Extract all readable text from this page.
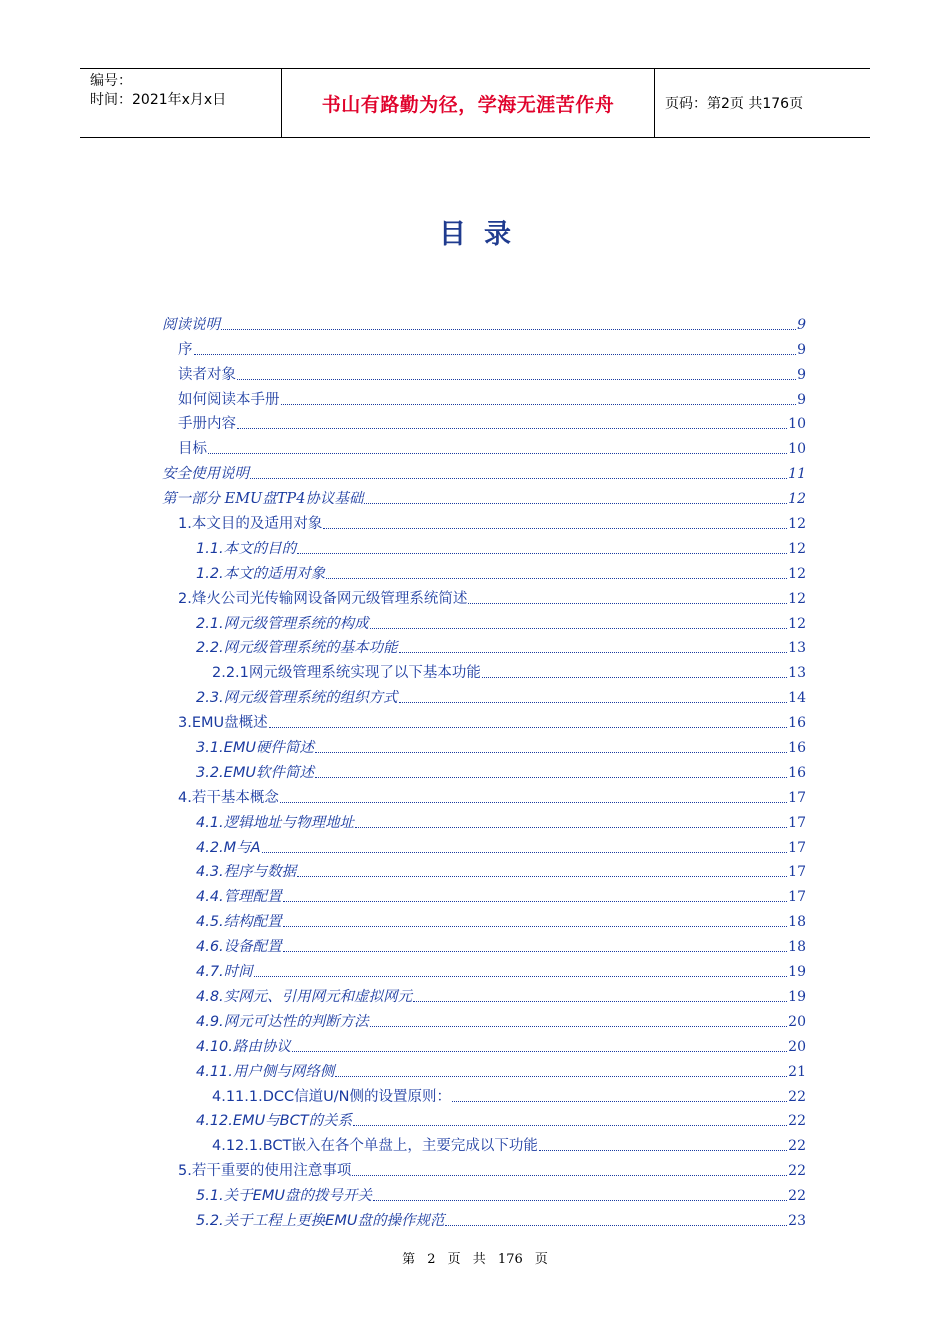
编号：
时间：2021年x月x日	书山有路勤为径，学海无涯苦作舟	页码：第2页 共176页
目录
阅读说明	9
序	9
读者对象	9
如何阅读本手册	9
手册内容	10
目标	10
安全使用说明	11
第一部分 EMU盘TP4协议基础	12
1.本文目的及适用对象	12
1.1.本文的目的	12
1.2.本文的适用对象	12
2.烽火公司光传输网设备网元级管理系统简述	12
2.1.网元级管理系统的构成	12
2.2.网元级管理系统的基本功能	13
2.2.1网元级管理系统实现了以下基本功能	13
2.3.网元级管理系统的组织方式	14
3.EMU盘概述	16
3.1.EMU硬件简述	16
3.2.EMU软件简述	16
4.若干基本概念	17
4.1.逻辑地址与物理地址	17
4.2.M与A	17
4.3.程序与数据	17
4.4.管理配置	17
4.5.结构配置	18
4.6.设备配置	18
4.7.时间	19
4.8.实网元、引用网元和虚拟网元	19
4.9.网元可达性的判断方法	20
4.10.路由协议	20
4.11.用户侧与网络侧	21
4.11.1.DCC信道U/N侧的设置原则：	22
4.12.EMU与BCT的关系	22
4.12.1.BCT嵌入在各个单盘上，主要完成以下功能	22
5.若干重要的使用注意事项	22
5.1.关于EMU盘的拨号开关	22
5.2.关于工程上更换EMU盘的操作规范	23
第 2 页 共 176 页
